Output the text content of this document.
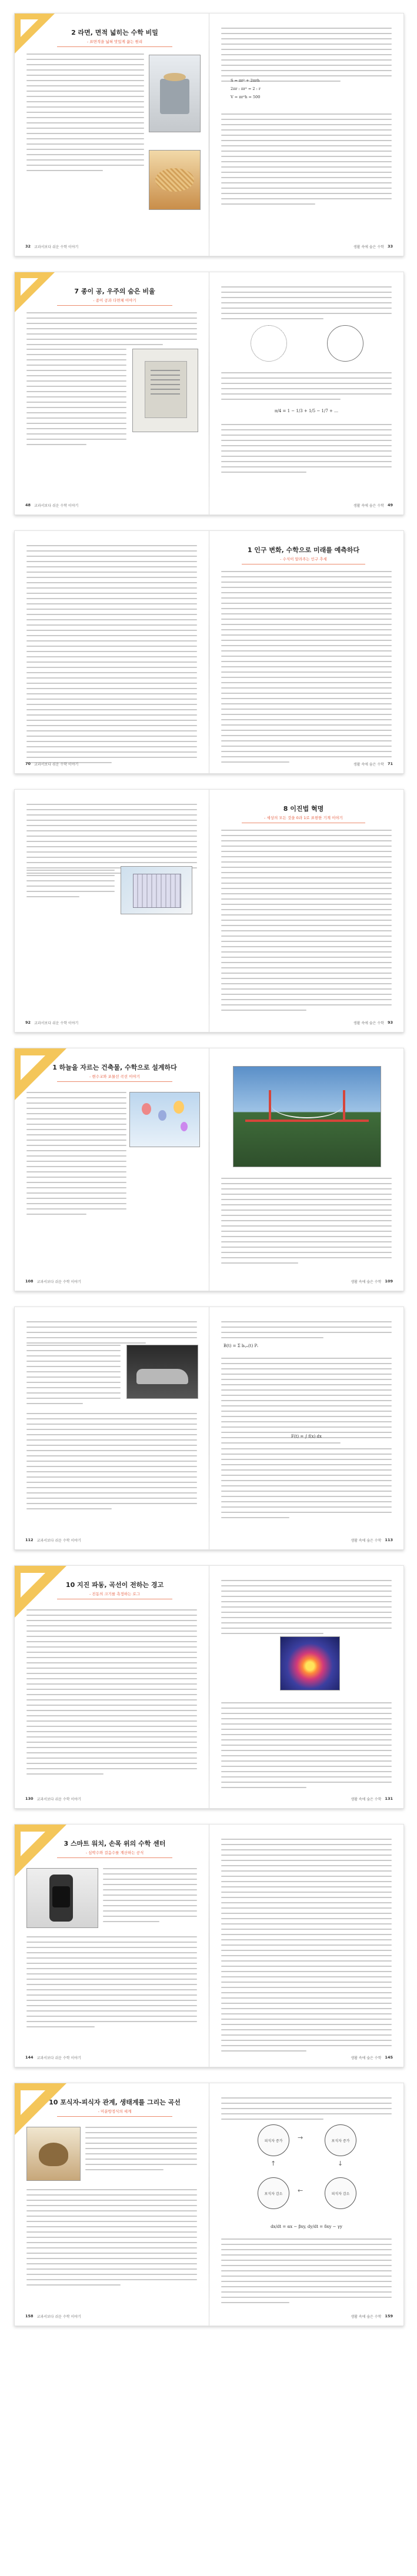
2 라면, 면적 넓히는 수학 비밀
- 표면적을 넓혀 맛있게 끓는 원리
32 교과서보다 쉬운 수학 이야기
S = πr² + 2πrh
2πr : πr² = 2 : r
V = πr²h = 500
생활 속에 숨은 수학 33
7 종이 공, 우주의 숨은 비율
- 종이 공과 다면체 이야기
48 교과서보다 쉬운 수학 이야기
π/4 = 1 − 1/3 + 1/5 − 1/7 + …
생활 속에 숨은 수학 49
70 교과서보다 쉬운 수학 이야기
1 인구 변화, 수학으로 미래를 예측하다
- 수식이 알려주는 인구 추세
생활 속에 숨은 수학 71
92 교과서보다 쉬운 수학 이야기
8 이진법 혁명
- 세상의 모든 것을 0과 1로 표현한 기계 이야기
생활 속에 숨은 수학 93
1 하늘을 자르는 건축물, 수학으로 설계하다
- 현수교와 포물선 곡선 이야기
108 교과서보다 쉬운 수학 이야기	생활 속에 숨은 수학 109
112 교과서보다 쉬운 수학 이야기
B(t) = Σ bᵢ,ₙ(t) Pᵢ
F(t) = ∫ f(x) dx
생활 속에 숨은 수학 113
10 지진 파동, 곡선이 전하는 경고
- 진동의 크기를 측정하는 로그
130 교과서보다 쉬운 수학 이야기	생활 속에 숨은 수학 131
3 스마트 워치, 손목 위의 수학 센터
- 심박수와 걸음수를 계산하는 공식
144 교과서보다 쉬운 수학 이야기	생활 속에 숨은 수학 145
10 포식자-피식자 관계, 생태계를 그리는 곡선
- 미분방정식의 세계
158 교과서보다 쉬운 수학 이야기
피식자 증가	포식자 증가
피식자 감소
포식자 감소
→
↓
←
↑
dx/dt = αx − βxy, dy/dt = δxy − γy
생활 속에 숨은 수학 159
